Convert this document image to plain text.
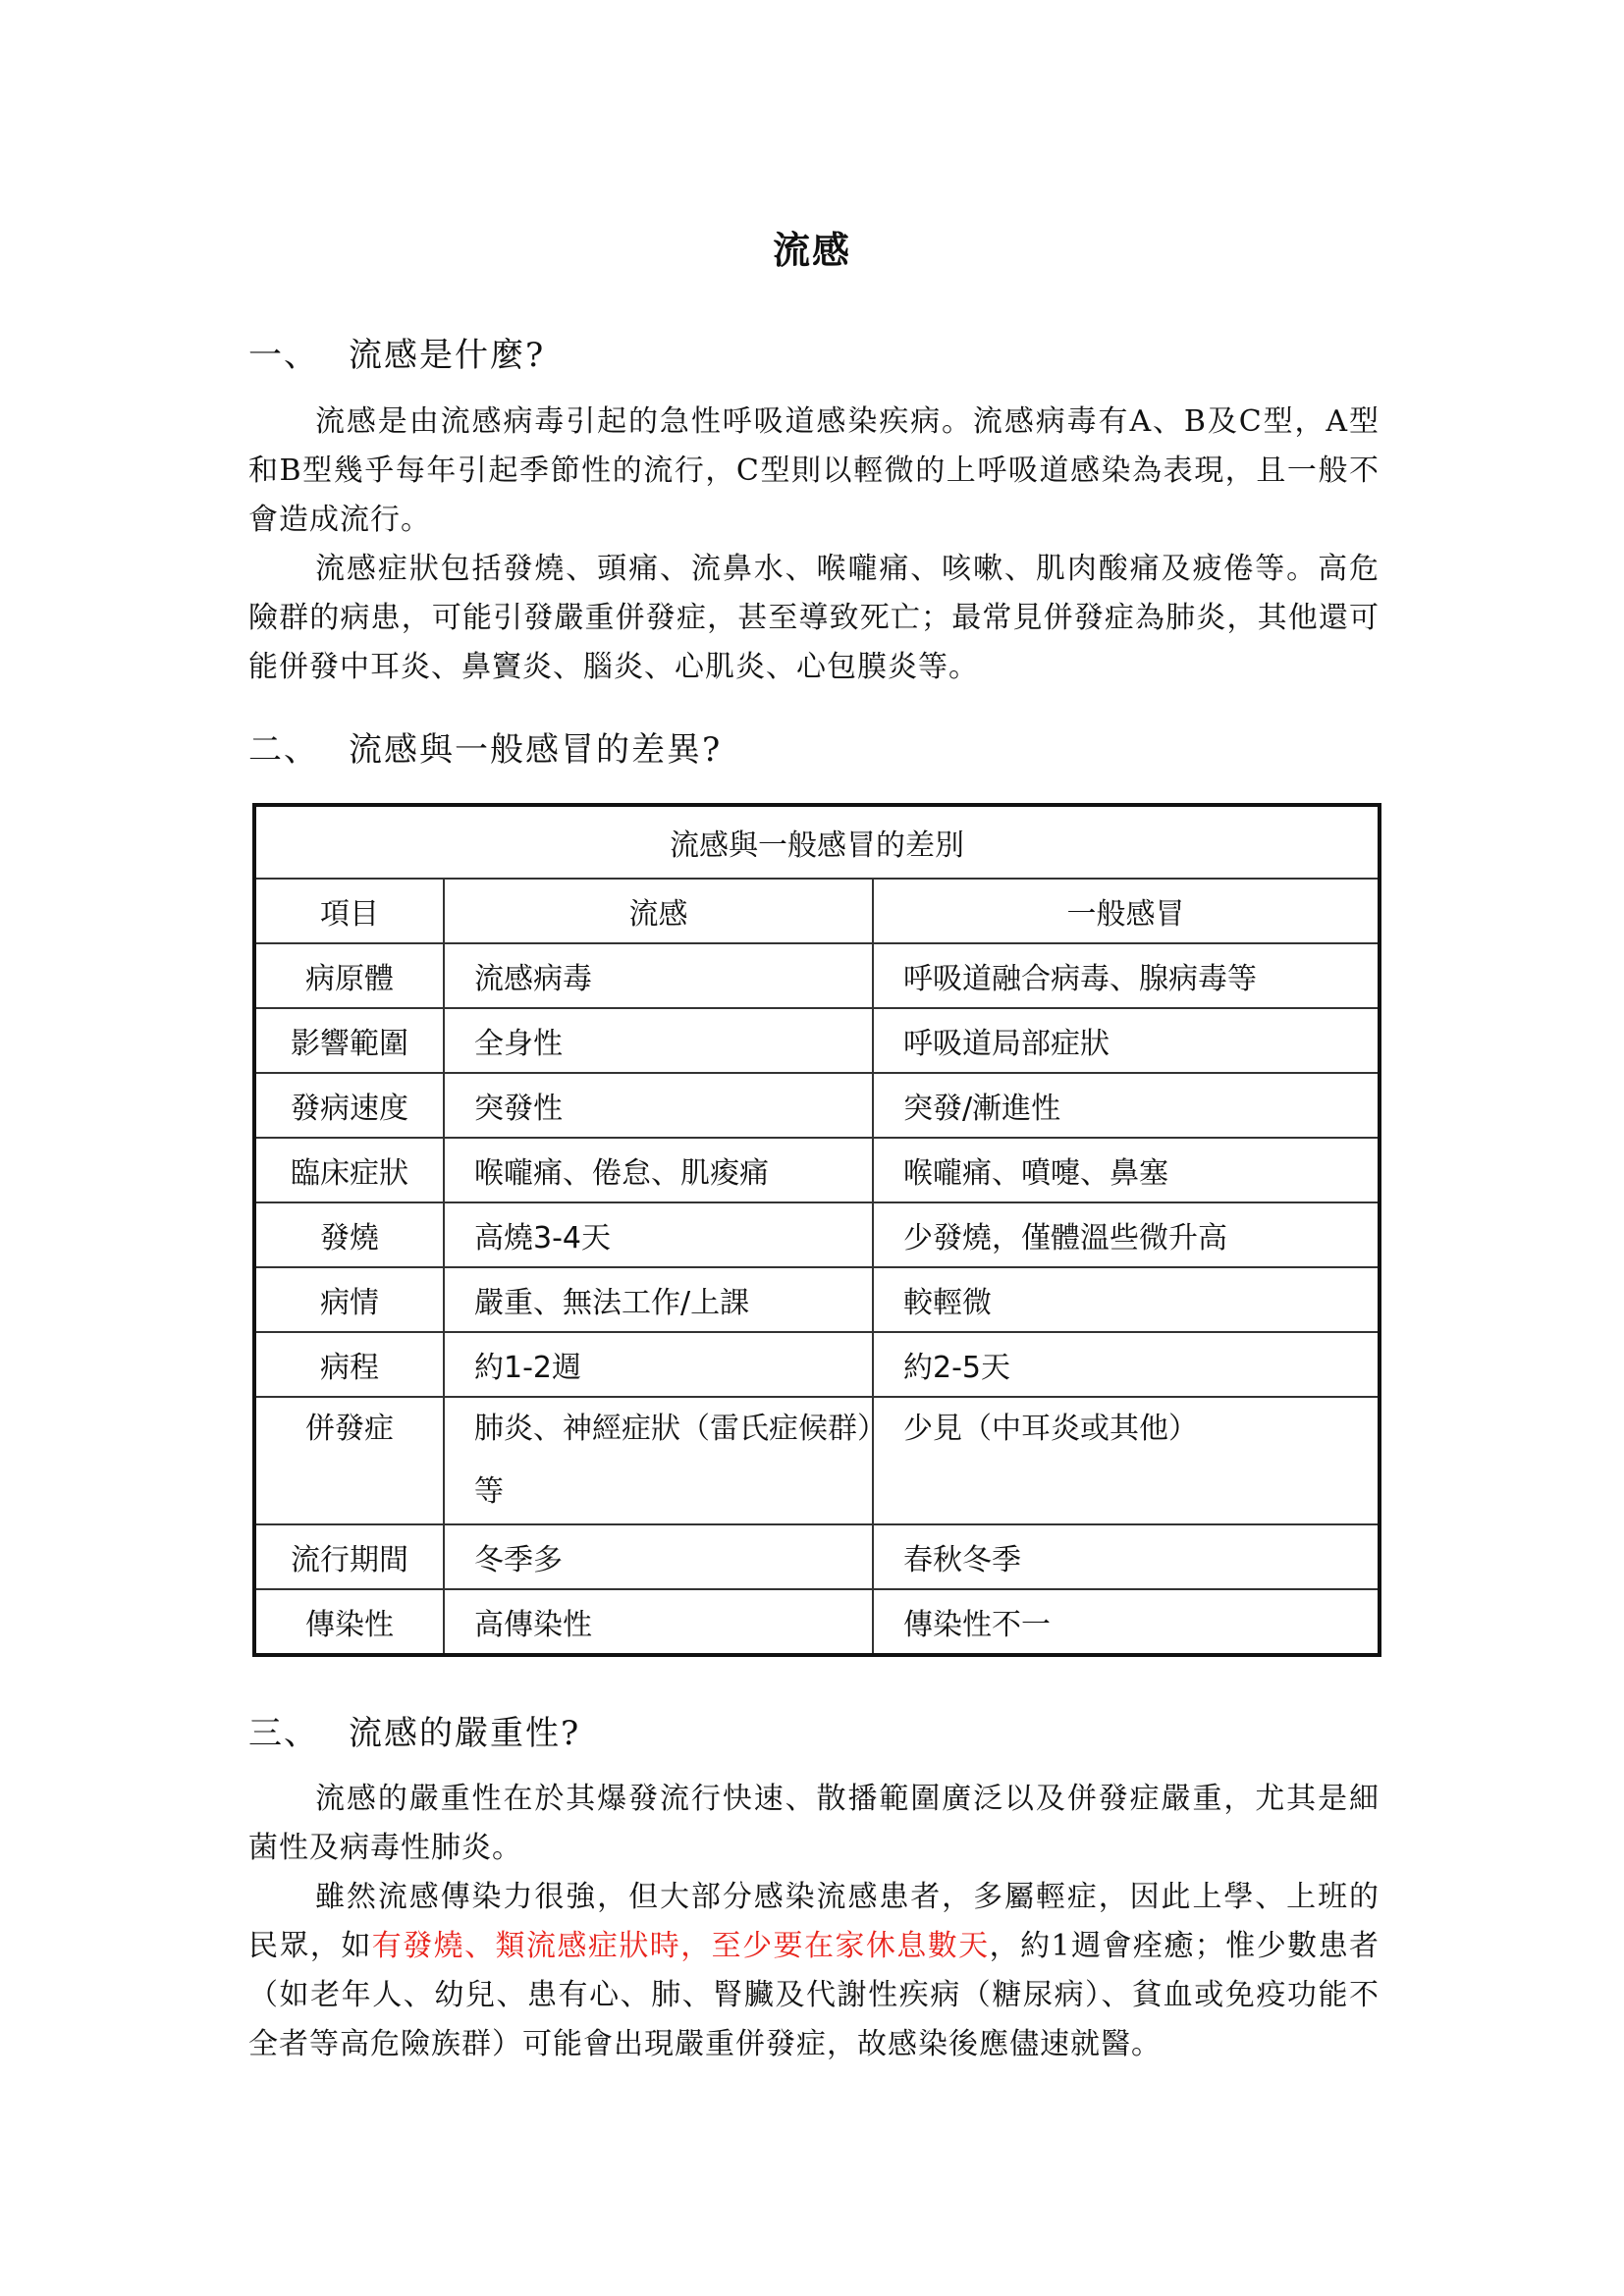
流感
一、 流感是什麼?

流感是由流感病毒引起的急性呼吸道感染疾病。流感病毒有A、B及C型，A型和B型幾乎每年引起季節性的流行，C型則以輕微的上呼吸道感染為表現，且一般不會造成流行。

流感症狀包括發燒、頭痛、流鼻水、喉嚨痛、咳嗽、肌肉酸痛及疲倦等。高危險群的病患，可能引發嚴重併發症，甚至導致死亡；最常見併發症為肺炎，其他還可能併發中耳炎、鼻竇炎、腦炎、心肌炎、心包膜炎等。

二、 流感與一般感冒的差異?
流感與一般感冒的差別		
項目	流感	一般感冒
病原體	流感病毒	呼吸道融合病毒、腺病毒等
影響範圍	全身性	呼吸道局部症狀
發病速度	突發性	突發/漸進性
臨床症狀	喉嚨痛、倦怠、肌痠痛	喉嚨痛、噴嚏、鼻塞
發燒	高燒3-4天	少發燒，僅體溫些微升高
病情	嚴重、無法工作/上課	較輕微
病程	約1-2週	約2-5天

併發症	肺炎、神經症狀（雷氏症候群）等	少見（中耳炎或其他）

流行期間	冬季多	春秋冬季
傳染性	高傳染性	傳染性不一
三、 流感的嚴重性?

流感的嚴重性在於其爆發流行快速、散播範圍廣泛以及併發症嚴重，尤其是細菌性及病毒性肺炎。

雖然流感傳染力很強，但大部分感染流感患者，多屬輕症，因此上學、上班的民眾，如有發燒、類流感症狀時，至少要在家休息數天，約1週會痊癒；惟少數患者（如老年人、幼兒、患有心、肺、腎臟及代謝性疾病（糖尿病）、貧血或免疫功能不全者等高危險族群）可能會出現嚴重併發症，故感染後應儘速就醫。
